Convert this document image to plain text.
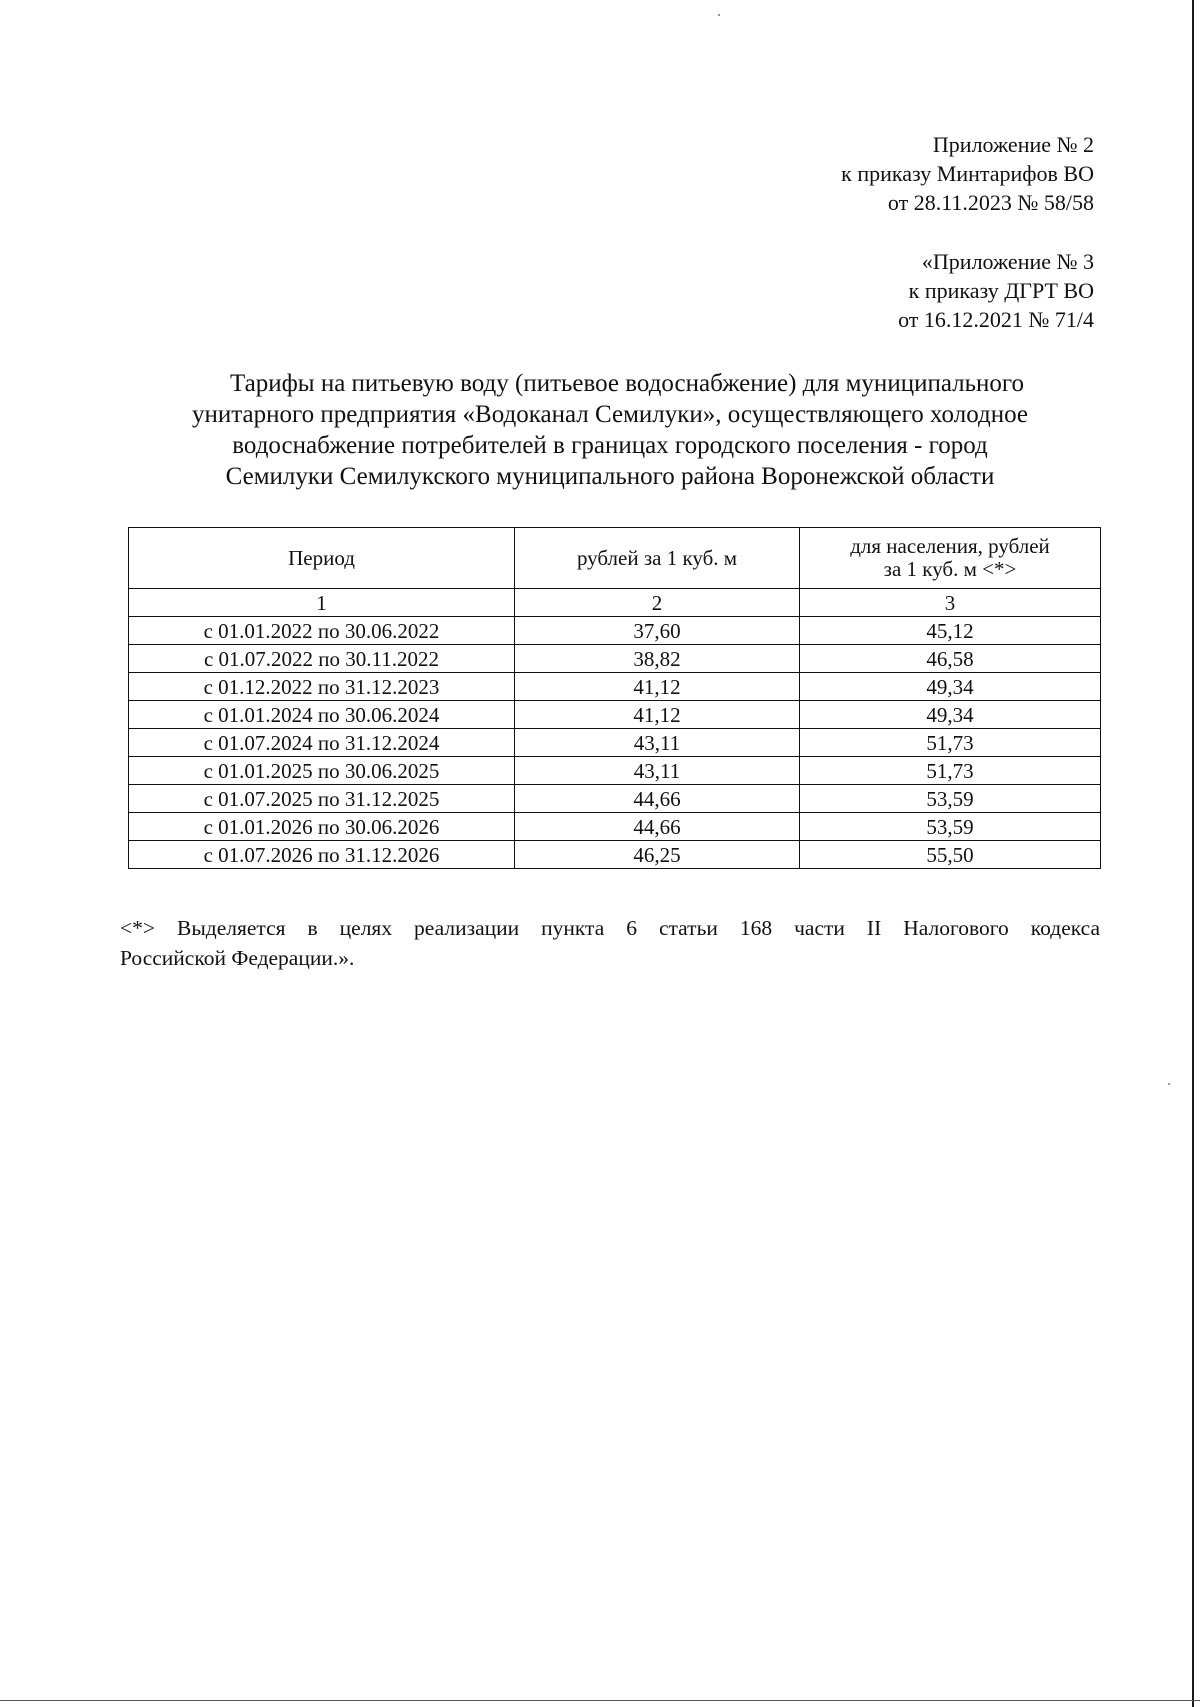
Приложение № 2
к приказу Минтарифов ВО
от 28.11.2023 № 58/58
«Приложение № 3
к приказу ДГРТ ВО
от 16.12.2021 № 71/4
Тарифы на питьевую воду (питьевое водоснабжение) для муниципального
унитарного предприятия «Водоканал Семилуки», осуществляющего холодное
водоснабжение потребителей в границах городского поселения - город
Семилуки Семилукского муниципального района Воронежской области
Период	рублей за 1 куб. м	для населения, рублей
за 1 куб. м <*>
1	2	3
с 01.01.2022 по 30.06.2022	37,60	45,12
с 01.07.2022 по 30.11.2022	38,82	46,58
с 01.12.2022 по 31.12.2023	41,12	49,34
с 01.01.2024 по 30.06.2024	41,12	49,34
с 01.07.2024 по 31.12.2024	43,11	51,73
с 01.01.2025 по 30.06.2025	43,11	51,73
с 01.07.2025 по 31.12.2025	44,66	53,59
с 01.01.2026 по 30.06.2026	44,66	53,59
с 01.07.2026 по 31.12.2026	46,25	55,50
<*> Выделяется в целях реализации пункта 6 статьи 168 части II Налогового кодекса
Российской Федерации.».
